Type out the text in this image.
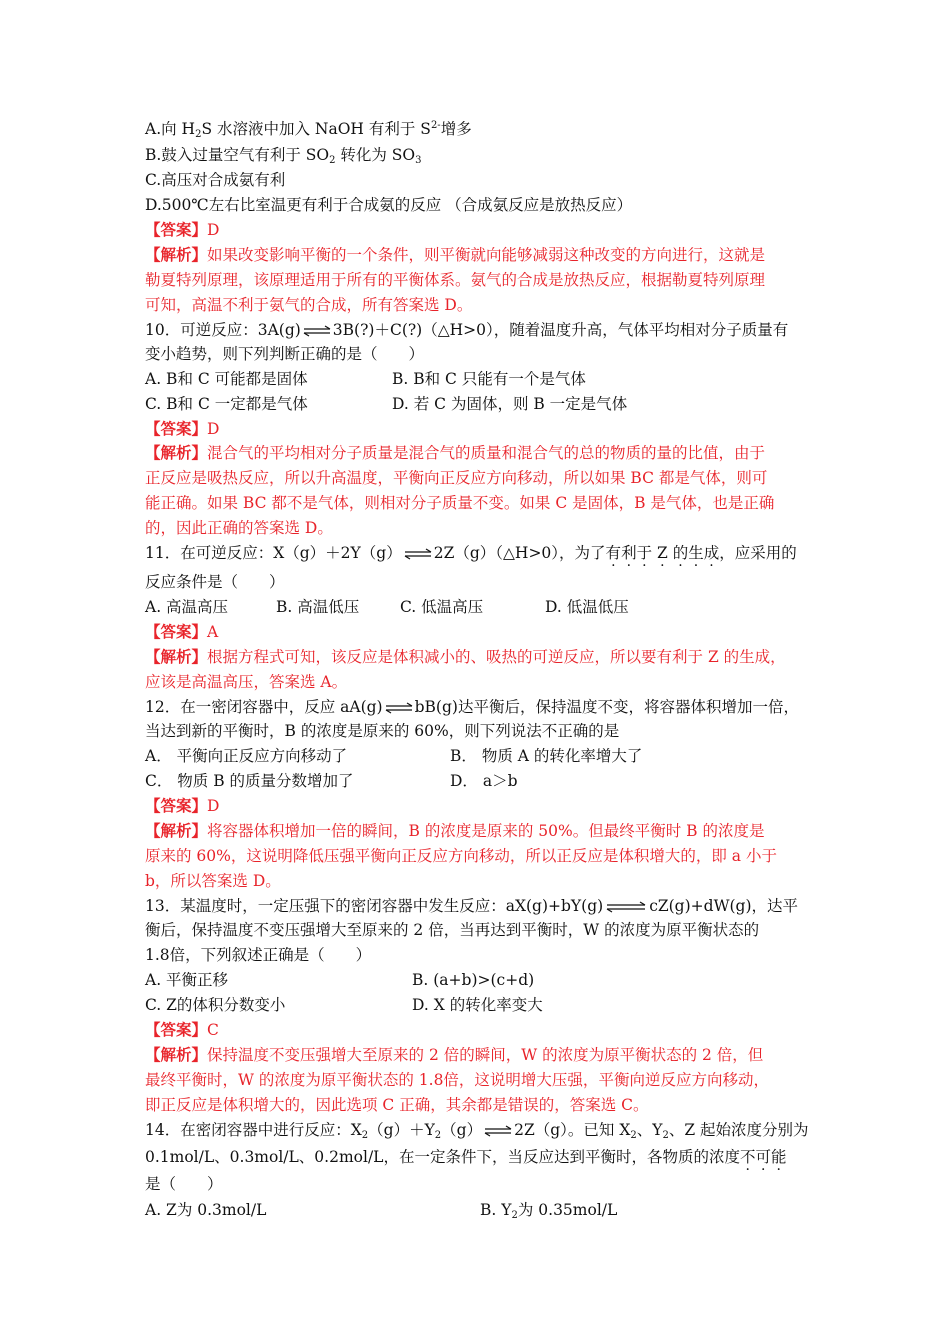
A.向 $H_2S$ 水溶液中加入 NaOH 有利于 $S^{2-}$增多
B.鼓入过量空气有利于 $SO_2$ 转化为 $SO_3$
C.高压对合成氨有利
D.500℃左右比室温更有利于合成氨的反应 （合成氨反应是放热反应）
【答案】D
【解析】如果改变影响平衡的一个条件，则平衡就向能够减弱这种改变的方向进行，这就是
勒夏特列原理，该原理适用于所有的平衡体系。氨气的合成是放热反应，根据勒夏特列原理
可知，高温不利于氨气的合成，所有答案选 D。
10．可逆反应：3A(g)⇌3B(?)＋C(?)（△H>0），随着温度升高，气体平均相对分子质量有
变小趋势，则下列判断正确的是（　　）
A. B和 C 可能都是固体	B. B和 C 只能有一个是气体
C. B和 C 一定都是气体	D. 若 C 为固体，则 B 一定是气体
【答案】D
【解析】混合气的平均相对分子质量是混合气的质量和混合气的总的物质的量的比值，由于
正反应是吸热反应，所以升高温度，平衡向正反应方向移动，所以如果 BC 都是气体，则可
能正确。如果 BC 都不是气体，则相对分子质量不变。如果 C 是固体，B 是气体，也是正确
的，因此正确的答案选 D。
11．在可逆反应：X（g）＋2Y（g）⇌2Z（g）（△H>0），为了有利于 Z ·的生成，应采用的
反应条件是（　　）
A. 高温高压	B. 高温低压	C. 低温高压	D. 低温低压
【答案】A
【解析】根据方程式可知，该反应是体积减小的、吸热的可逆反应，所以要有利于 Z 的生成，
应该是高温高压，答案选 A。
12．在一密闭容器中，反应 aA(g)⇌bB(g)达平衡后，保持温度不变，将容器体积增加一倍，
当达到新的平衡时，B 的浓度是原来的 60%，则下列说法不正确的是
A． 平衡向正反应方向移动了	B． 物质 A 的转化率增大了
C． 物质 B 的质量分数增加了	D． a＞b
【答案】D
【解析】将容器体积增加一倍的瞬间，B 的浓度是原来的 50%。但最终平衡时 B 的浓度是
原来的 60%，这说明降低压强平衡向正反应方向移动，所以正反应是体积增大的，即 a 小于
b，所以答案选 D。
13．某温度时，一定压强下的密闭容器中发生反应：aX(g)+bY(g)⇌cZ(g)+dW(g)，达平
衡后，保持温度不变压强增大至原来的 2 倍，当再达到平衡时，W 的浓度为原平衡状态的
1.8倍，下列叙述正确是（　　）
A. 平衡正移	B. (a+b)>(c+d)
C. Z的体积分数变小	D. X 的转化率变大
【答案】C
【解析】保持温度不变压强增大至原来的 2 倍的瞬间，W 的浓度为原平衡状态的 2 倍，但
最终平衡时，W 的浓度为原平衡状态的 1.8倍，这说明增大压强，平衡向逆反应方向移动，
即正反应是体积增大的，因此选项 C 正确，其余都是错误的，答案选 C。
14．在密闭容器中进行反应：$X_2(g)+Y_2(g)\rightleftharpoons 2Z(g)$。已知 $X_2$、$Y_2$、Z 起始浓度分别为
0.1mol/L、0.3mol/L、0.2mol/L，在一定条件下，当反应达到平衡时，各物质的浓度不可能
是（　　）
A. Z为 0.3mol/L	B. $Y_2$为 0.35mol/L
